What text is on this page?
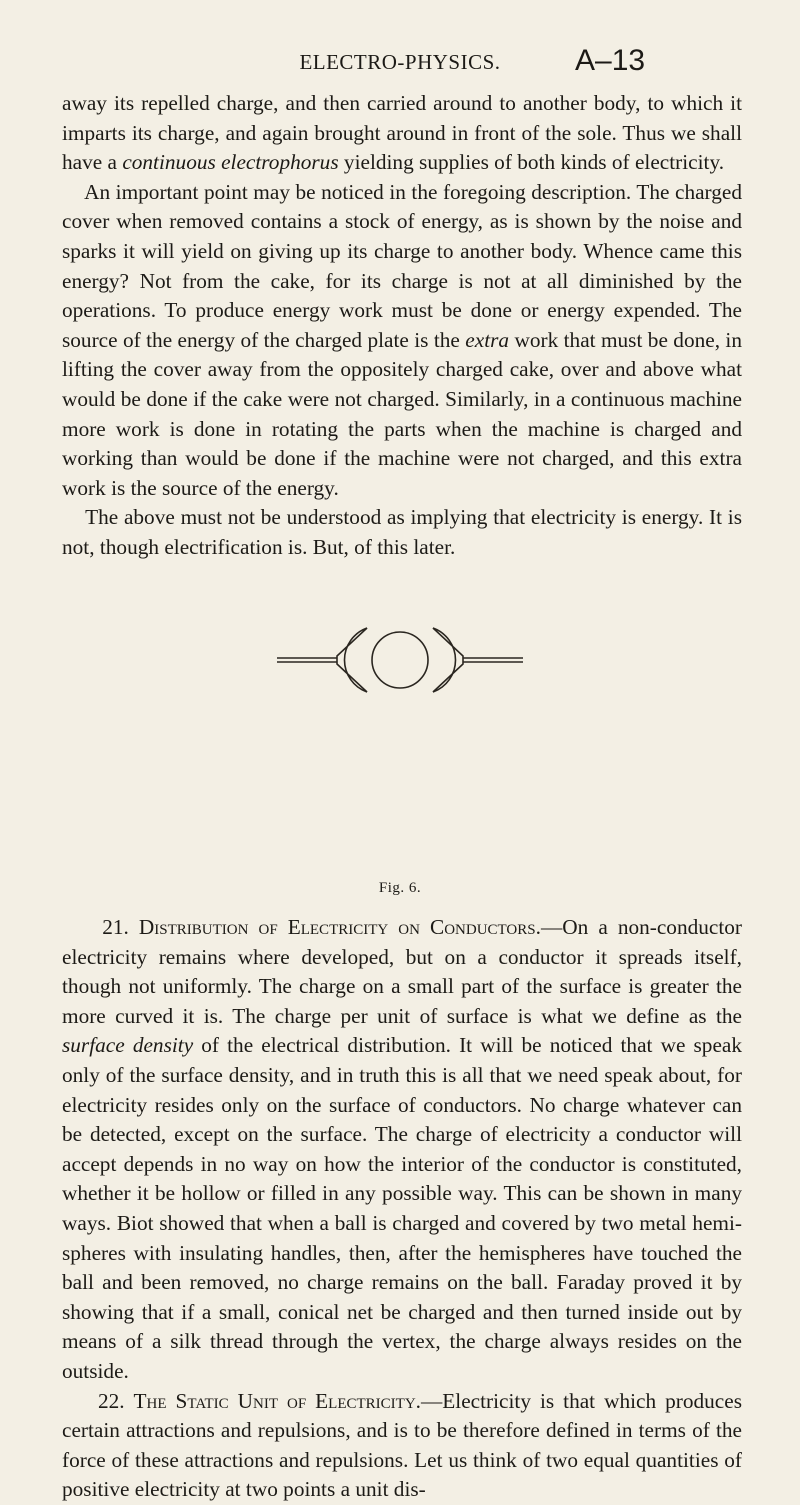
ELECTRO-PHYSICS.	A–13

away its repelled charge, and then carried around to another body, to which it imparts its charge, and again brought around in front of the sole. Thus we shall have a continuous electrophorus yielding supplies of both kinds of electricity.

An important point may be noticed in the foregoing description. The charged cover when removed contains a stock of energy, as is shown by the noise and sparks it will yield on giving up its charge to another body. Whence came this energy? Not from the cake, for its charge is not at all diminished by the operations. To produce energy work must be done or energy expended. The source of the energy of the charged plate is the extra work that must be done, in lifting the cover away from the oppositely charged cake, over and above what would be done if the cake were not charged. Similarly, in a continuous machine more work is done in rotating the parts when the machine is charged and working than would be done if the machine were not charged, and this extra work is the source of the energy.

The above must not be understood as implying that electricity is energy. It is not, though electrification is. But, of this later.

Fig. 6.

21. Distribution of Electricity on Conductors.—On a non-conductor electricity remains where developed, but on a conductor it spreads itself, though not uniformly. The charge on a small part of the surface is greater the more curved it is. The charge per unit of surface is what we define as the surface density of the electrical distribution. It will be noticed that we speak only of the surface density, and in truth this is all that we need speak about, for electricity resides only on the surface of conductors. No charge whatever can be detected, except on the surface. The charge of electricity a conductor will accept depends in no way on how the interior of the conductor is constituted, whether it be hollow or filled in any possible way. This can be shown in many ways. Biot showed that when a ball is charged and covered by two metal hemi-spheres with insulating handles, then, after the hemispheres have touched the ball and been removed, no charge remains on the ball. Faraday proved it by showing that if a small, conical net be charged and then turned inside out by means of a silk thread through the vertex, the charge always resides on the outside.

22. The Static Unit of Electricity.—Electricity is that which produces certain attractions and repulsions, and is to be therefore defined in terms of the force of these attractions and repulsions. Let us think of two equal quantities of positive electricity at two points a unit dis-
